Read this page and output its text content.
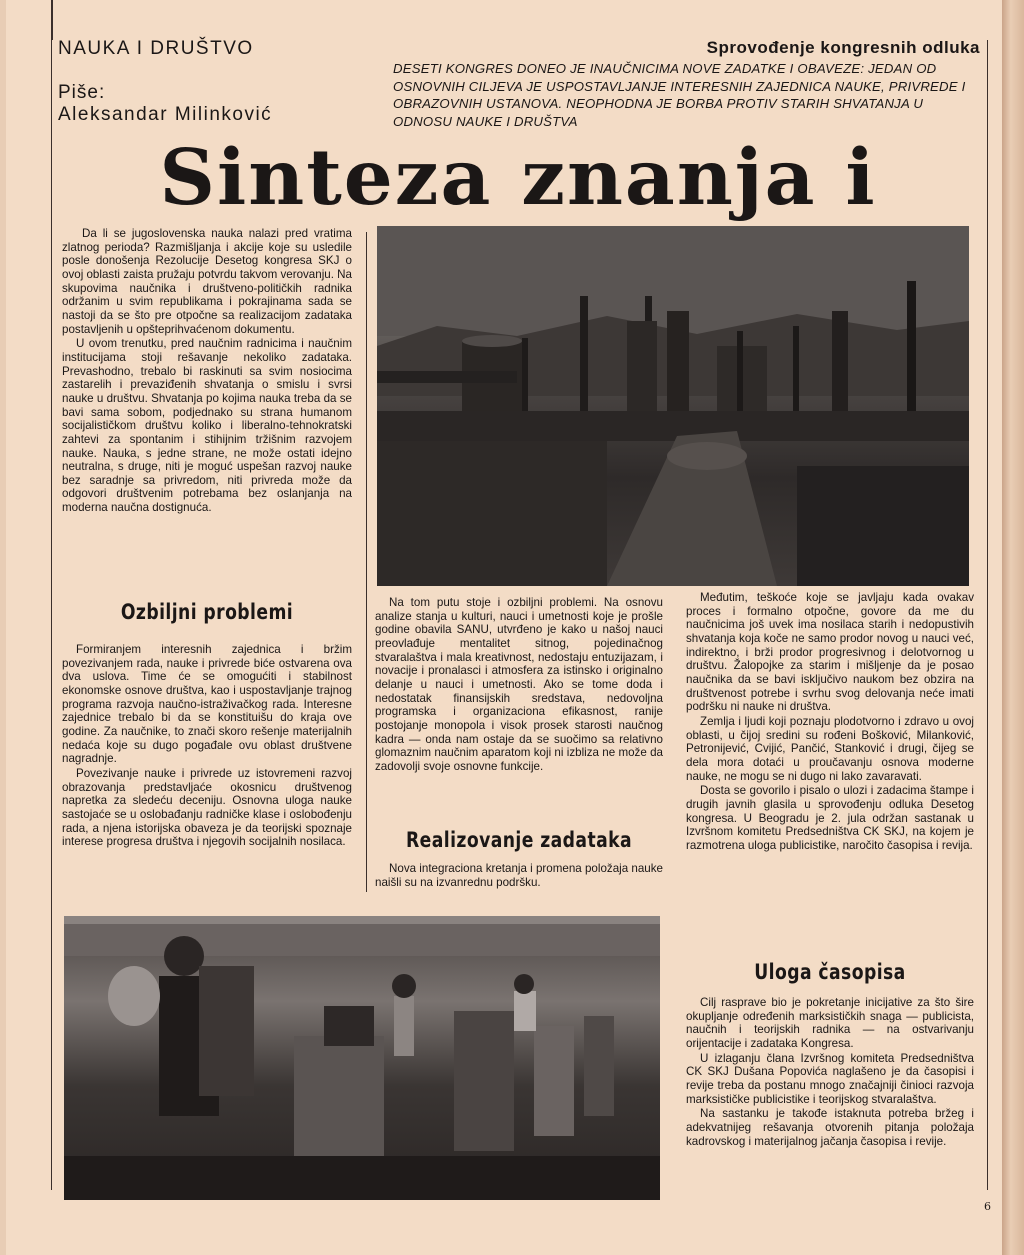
NAUKA I DRUŠTVO
Piše:
Aleksandar Milinković
Sprovođenje kongresnih odluka
DESETI KONGRES DONEO JE INAUČNICIMA NOVE ZADATKE I OBAVEZE: JEDAN OD OSNOVNIH CILJEVA JE USPOSTAVLJANJE INTERESNIH ZAJEDNICA NAUKE, PRIVREDE I OBRAZOVNIH USTANOVA. NEOPHODNA JE BORBA PROTIV STARIH SHVATANJA U ODNOSU NAUKE I DRUŠTVA
Sinteza znanja i

Da li se jugoslovenska nauka nalazi pred vratima zlatnog perioda? Razmišljanja i akcije koje su usledile posle donošenja Rezolucije Desetog kongresa SKJ o ovoj oblasti zaista pružaju potvrdu takvom verovanju. Na skupovima naučnika i društveno-političkih radnika održanim u svim republikama i pokrajinama sada se nastoji da se što pre otpočne sa realizacijom zadataka postavljenih u opšteprihvaćenom dokumentu.

U ovom trenutku, pred naučnim radnicima i naučnim institucijama stoji rešavanje nekoliko zadataka. Prevashodno, trebalo bi raskinuti sa svim nosiocima zastarelih i prevaziđenih shvatanja o smislu i svrsi nauke u društvu. Shvatanja po kojima nauka treba da se bavi sama sobom, podjednako su strana humanom socijalističkom društvu koliko i liberalno-tehnokratski zahtevi za spontanim i stihijnim tržišnim razvojem nauke. Nauka, s jedne strane, ne može ostati idejno neutralna, s druge, niti je moguć uspešan razvoj nauke bez saradnje sa privredom, niti privreda može da odgovori društvenim potrebama bez oslanjanja na moderna naučna dostignuća.

Ozbiljni problemi

Formiranjem interesnih zajednica i bržim povezivanjem rada, nauke i privrede biće ostvarena ova dva uslova. Time će se omogućiti i stabilnost ekonomske osnove društva, kao i uspostavljanje trajnog programa razvoja naučno-istraživačkog rada. Interesne zajednice trebalo bi da se konstituišu do kraja ove godine. Za naučnike, to znači skoro rešenje materijalnih nedaća koje su dugo pogađale ovu oblast društvene nagradnje.

Povezivanje nauke i privrede uz istovremeni razvoj obrazovanja predstavljaće okosnicu društvenog napretka za sledeću deceniju. Osnovna uloga nauke sastojaće se u oslobađanju radničke klase i oslobođenju rada, a njena istorijska obaveza je da teorijski spoznaje interese progresa društva i njegovih socijalnih nosilaca.

Na tom putu stoje i ozbiljni problemi. Na osnovu analize stanja u kulturi, nauci i umetnosti koje je prošle godine obavila SANU, utvrđeno je kako u našoj nauci preovlađuje mentalitet sitnog, pojedinačnog stvaralaštva i mala kreativnost, nedostaju entuzijazam, i novacije i pronalasci i atmosfera za istinsko i originalno delanje u nauci i umetnosti. Ako se tome doda i nedostatak finansijskih sredstava, nedovoljna programska i organizaciona efikasnost, ranije postojanje monopola i visok prosek starosti naučnog kadra — onda nam ostaje da se suočimo sa relativno glomaznim naučnim aparatom koji ni izbliza ne može da zadovolji svoje osnovne funkcije.

Realizovanje zadataka

Nova integraciona kretanja i promena položaja nauke naišli su na izvanrednu podršku.

Međutim, teškoće koje se javljaju kada ovakav proces i formalno otpočne, govore da me du naučnicima još uvek ima nosilaca starih i nedopustivih shvatanja koja koče ne samo prodor novog u nauci već, indirektno, i brži prodor progresivnog i delotvornog u društvu. Žalopojke za starim i mišljenje da je posao naučnika da se bavi isključivo naukom bez obzira na društvenost potrebe i svrhu svog delovanja neće imati podršku ni nauke ni društva.

Zemlja i ljudi koji poznaju plodotvorno i zdravo u ovoj oblasti, u čijoj sredini su rođeni Bošković, Milanković, Petronijević, Cvijić, Pančić, Stanković i drugi, čijeg se dela mora dotaći u proučavanju osnova moderne nauke, ne mogu se ni dugo ni lako zavaravati.

Dosta se govorilo i pisalo o ulozi i zadacima štampe i drugih javnih glasila u sprovođenju odluka Desetog kongresa. U Beogradu je 2. jula održan sastanak u Izvršnom komitetu Predsedništva CK SKJ, na kojem je razmotrena uloga publicistike, naročito časopisa i revija.

Uloga časopisa

Cilj rasprave bio je pokretanje inicijative za što šire okupljanje određenih marksističkih snaga — publicista, naučnih i teorijskih radnika — na ostvarivanju orijentacije i zadataka Kongresa.

U izlaganju člana Izvršnog komiteta Predsedništva CK SKJ Dušana Popovića naglašeno je da časopisi i revije treba da postanu mnogo značajniji činioci razvoja marksističke publicistike i teorijskog stvaralaštva.

Na sastanku je takođe istaknuta potreba bržeg i adekvatnijeg rešavanja otvorenih pitanja položaja kadrovskog i materijalnog jačanja časopisa i revije.

6
